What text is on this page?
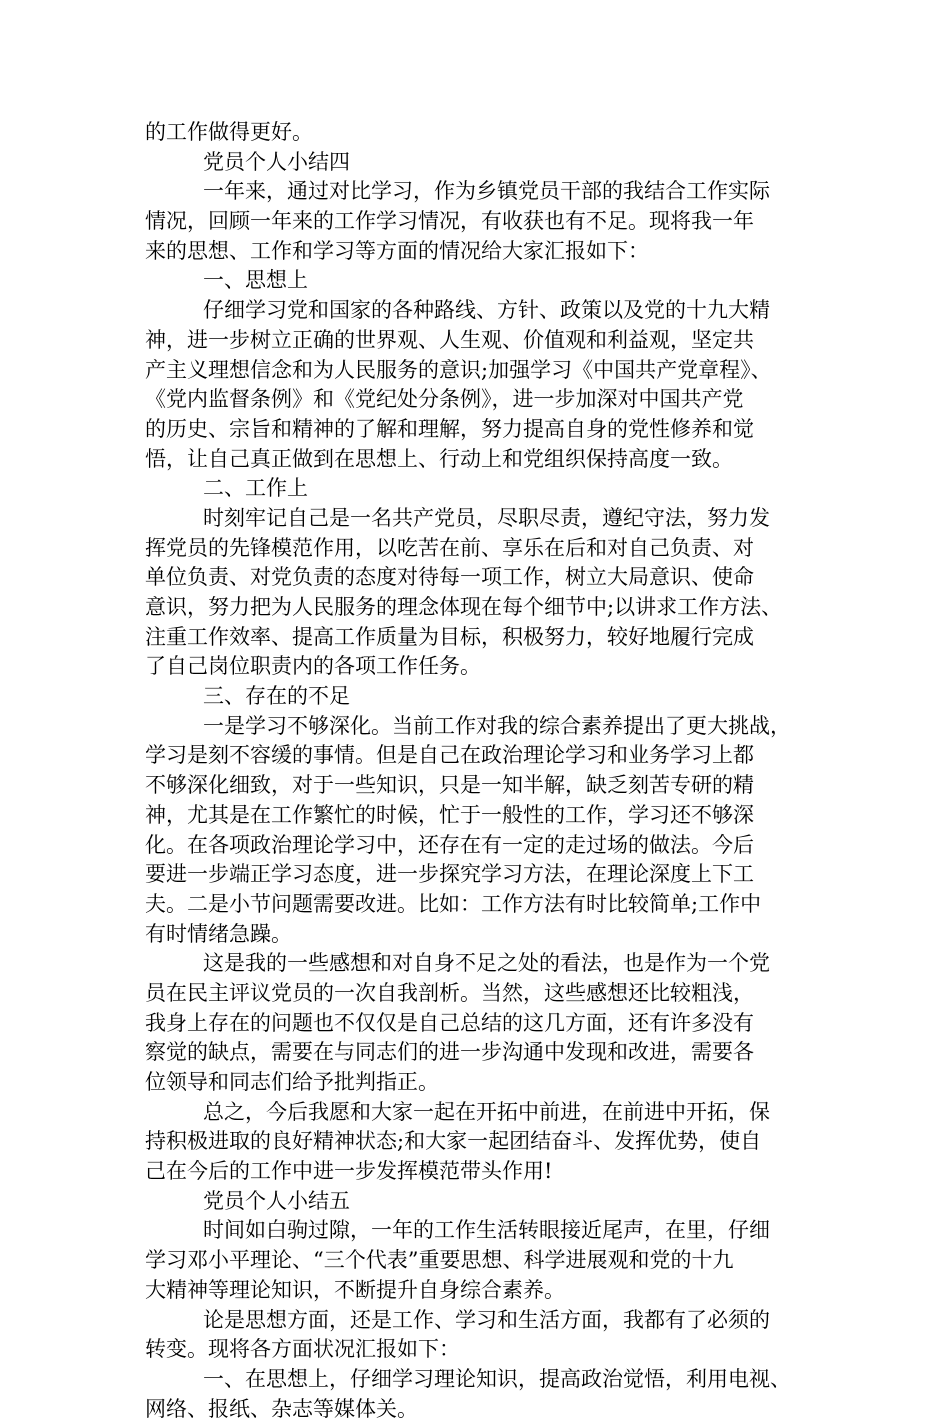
的工作做得更好。
党员个人小结四
一年来，通过对比学习，作为乡镇党员干部的我结合工作实际
情况，回顾一年来的工作学习情况，有收获也有不足。现将我一年
来的思想、工作和学习等方面的情况给大家汇报如下：
一、思想上
仔细学习党和国家的各种路线、方针、政策以及党的十九大精
神，进一步树立正确的世界观、人生观、价值观和利益观，坚定共
产主义理想信念和为人民服务的意识;加强学习《中国共产党章程》、
《党内监督条例》和《党纪处分条例》，进一步加深对中国共产党
的历史、宗旨和精神的了解和理解，努力提高自身的党性修养和觉
悟，让自己真正做到在思想上、行动上和党组织保持高度一致。
二、工作上
时刻牢记自己是一名共产党员，尽职尽责，遵纪守法，努力发
挥党员的先锋模范作用，以吃苦在前、享乐在后和对自己负责、对
单位负责、对党负责的态度对待每一项工作，树立大局意识、使命
意识，努力把为人民服务的理念体现在每个细节中;以讲求工作方法、
注重工作效率、提高工作质量为目标，积极努力，较好地履行完成
了自己岗位职责内的各项工作任务。
三、存在的不足
一是学习不够深化。当前工作对我的综合素养提出了更大挑战，
学习是刻不容缓的事情。但是自己在政治理论学习和业务学习上都
不够深化细致，对于一些知识，只是一知半解，缺乏刻苦专研的精
神，尤其是在工作繁忙的时候，忙于一般性的工作，学习还不够深
化。在各项政治理论学习中，还存在有一定的走过场的做法。今后
要进一步端正学习态度，进一步探究学习方法，在理论深度上下工
夫。二是小节问题需要改进。比如：工作方法有时比较简单;工作中
有时情绪急躁。
这是我的一些感想和对自身不足之处的看法，也是作为一个党
员在民主评议党员的一次自我剖析。当然，这些感想还比较粗浅，
我身上存在的问题也不仅仅是自己总结的这几方面，还有许多没有
察觉的缺点，需要在与同志们的进一步沟通中发现和改进，需要各
位领导和同志们给予批判指正。
总之，今后我愿和大家一起在开拓中前进，在前进中开拓，保
持积极进取的良好精神状态;和大家一起团结奋斗、发挥优势，使自
己在今后的工作中进一步发挥模范带头作用!
党员个人小结五
时间如白驹过隙，一年的工作生活转眼接近尾声，在里，仔细
学习邓小平理论、“三个代表”重要思想、科学进展观和党的十九
大精神等理论知识，不断提升自身综合素养。
论是思想方面，还是工作、学习和生活方面，我都有了必须的
转变。现将各方面状况汇报如下：
一、在思想上，仔细学习理论知识，提高政治觉悟，利用电视、
网络、报纸、杂志等媒体关。
